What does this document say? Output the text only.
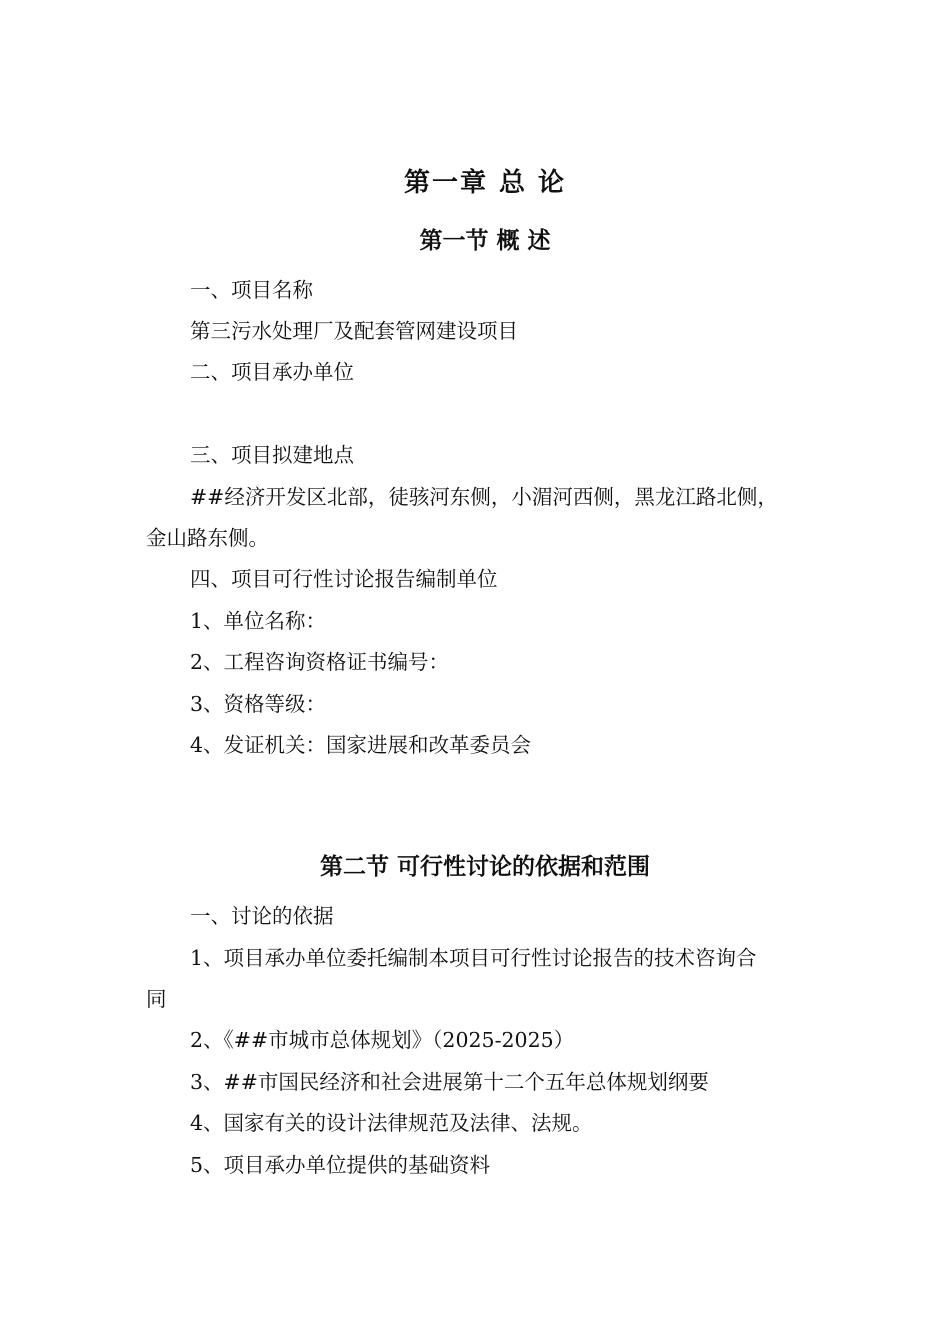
第一章 总 论
第一节 概 述

一、项目名称

第三污水处理厂及配套管网建设项目

二、项目承办单位

三、项目拟建地点

##经济开发区北部，徒骇河东侧，小湄河西侧，黑龙江路北侧，

金山路东侧。

四、项目可行性讨论报告编制单位

1、单位名称：

2、工程咨询资格证书编号：

3、资格等级：

4、发证机关：国家进展和改革委员会

第二节 可行性讨论的依据和范围

一、讨论的依据

1、项目承办单位委托编制本项目可行性讨论报告的技术咨询合

同

2、《##市城市总体规划》（2025-2025）

3、##市国民经济和社会进展第十二个五年总体规划纲要

4、国家有关的设计法律规范及法律、法规。

5、项目承办单位提供的基础资料
